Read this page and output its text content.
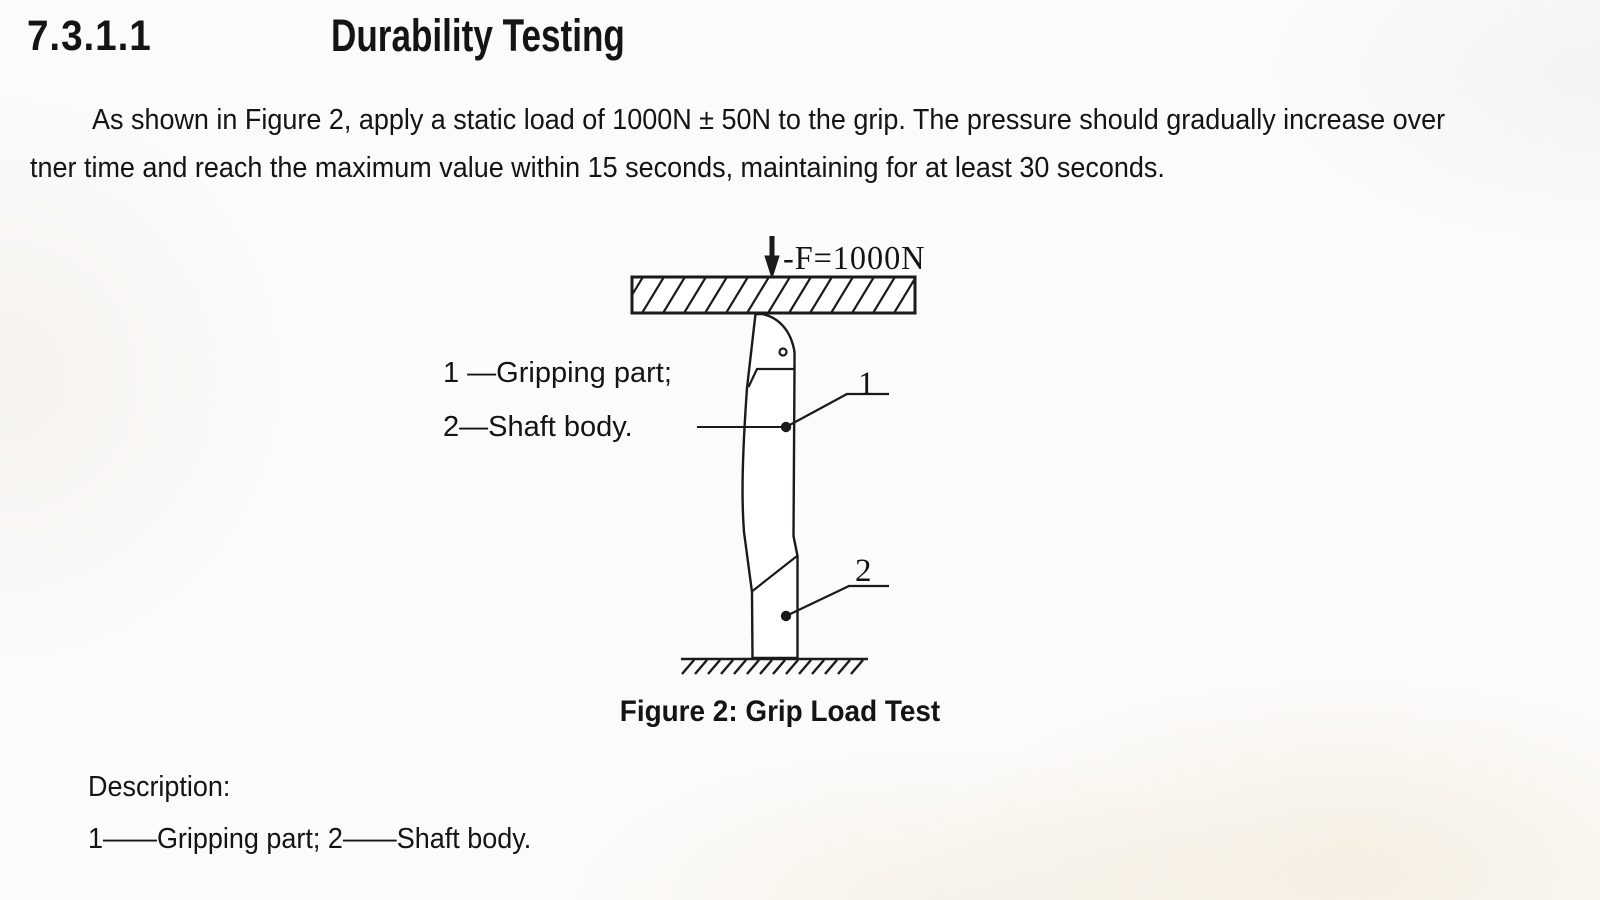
7.3.1.1	Durability Testing
As shown in Figure 2, apply a static load of 1000N ± 50N to the grip. The pressure should gradually increase over
tner time and reach the maximum value within 15 seconds, maintaining for at least 30 seconds.
-F=1000N
1
2
1 —Gripping part;
2—Shaft body.
Figure 2: Grip Load Test
Description:
1——Gripping part; 2——Shaft body.
